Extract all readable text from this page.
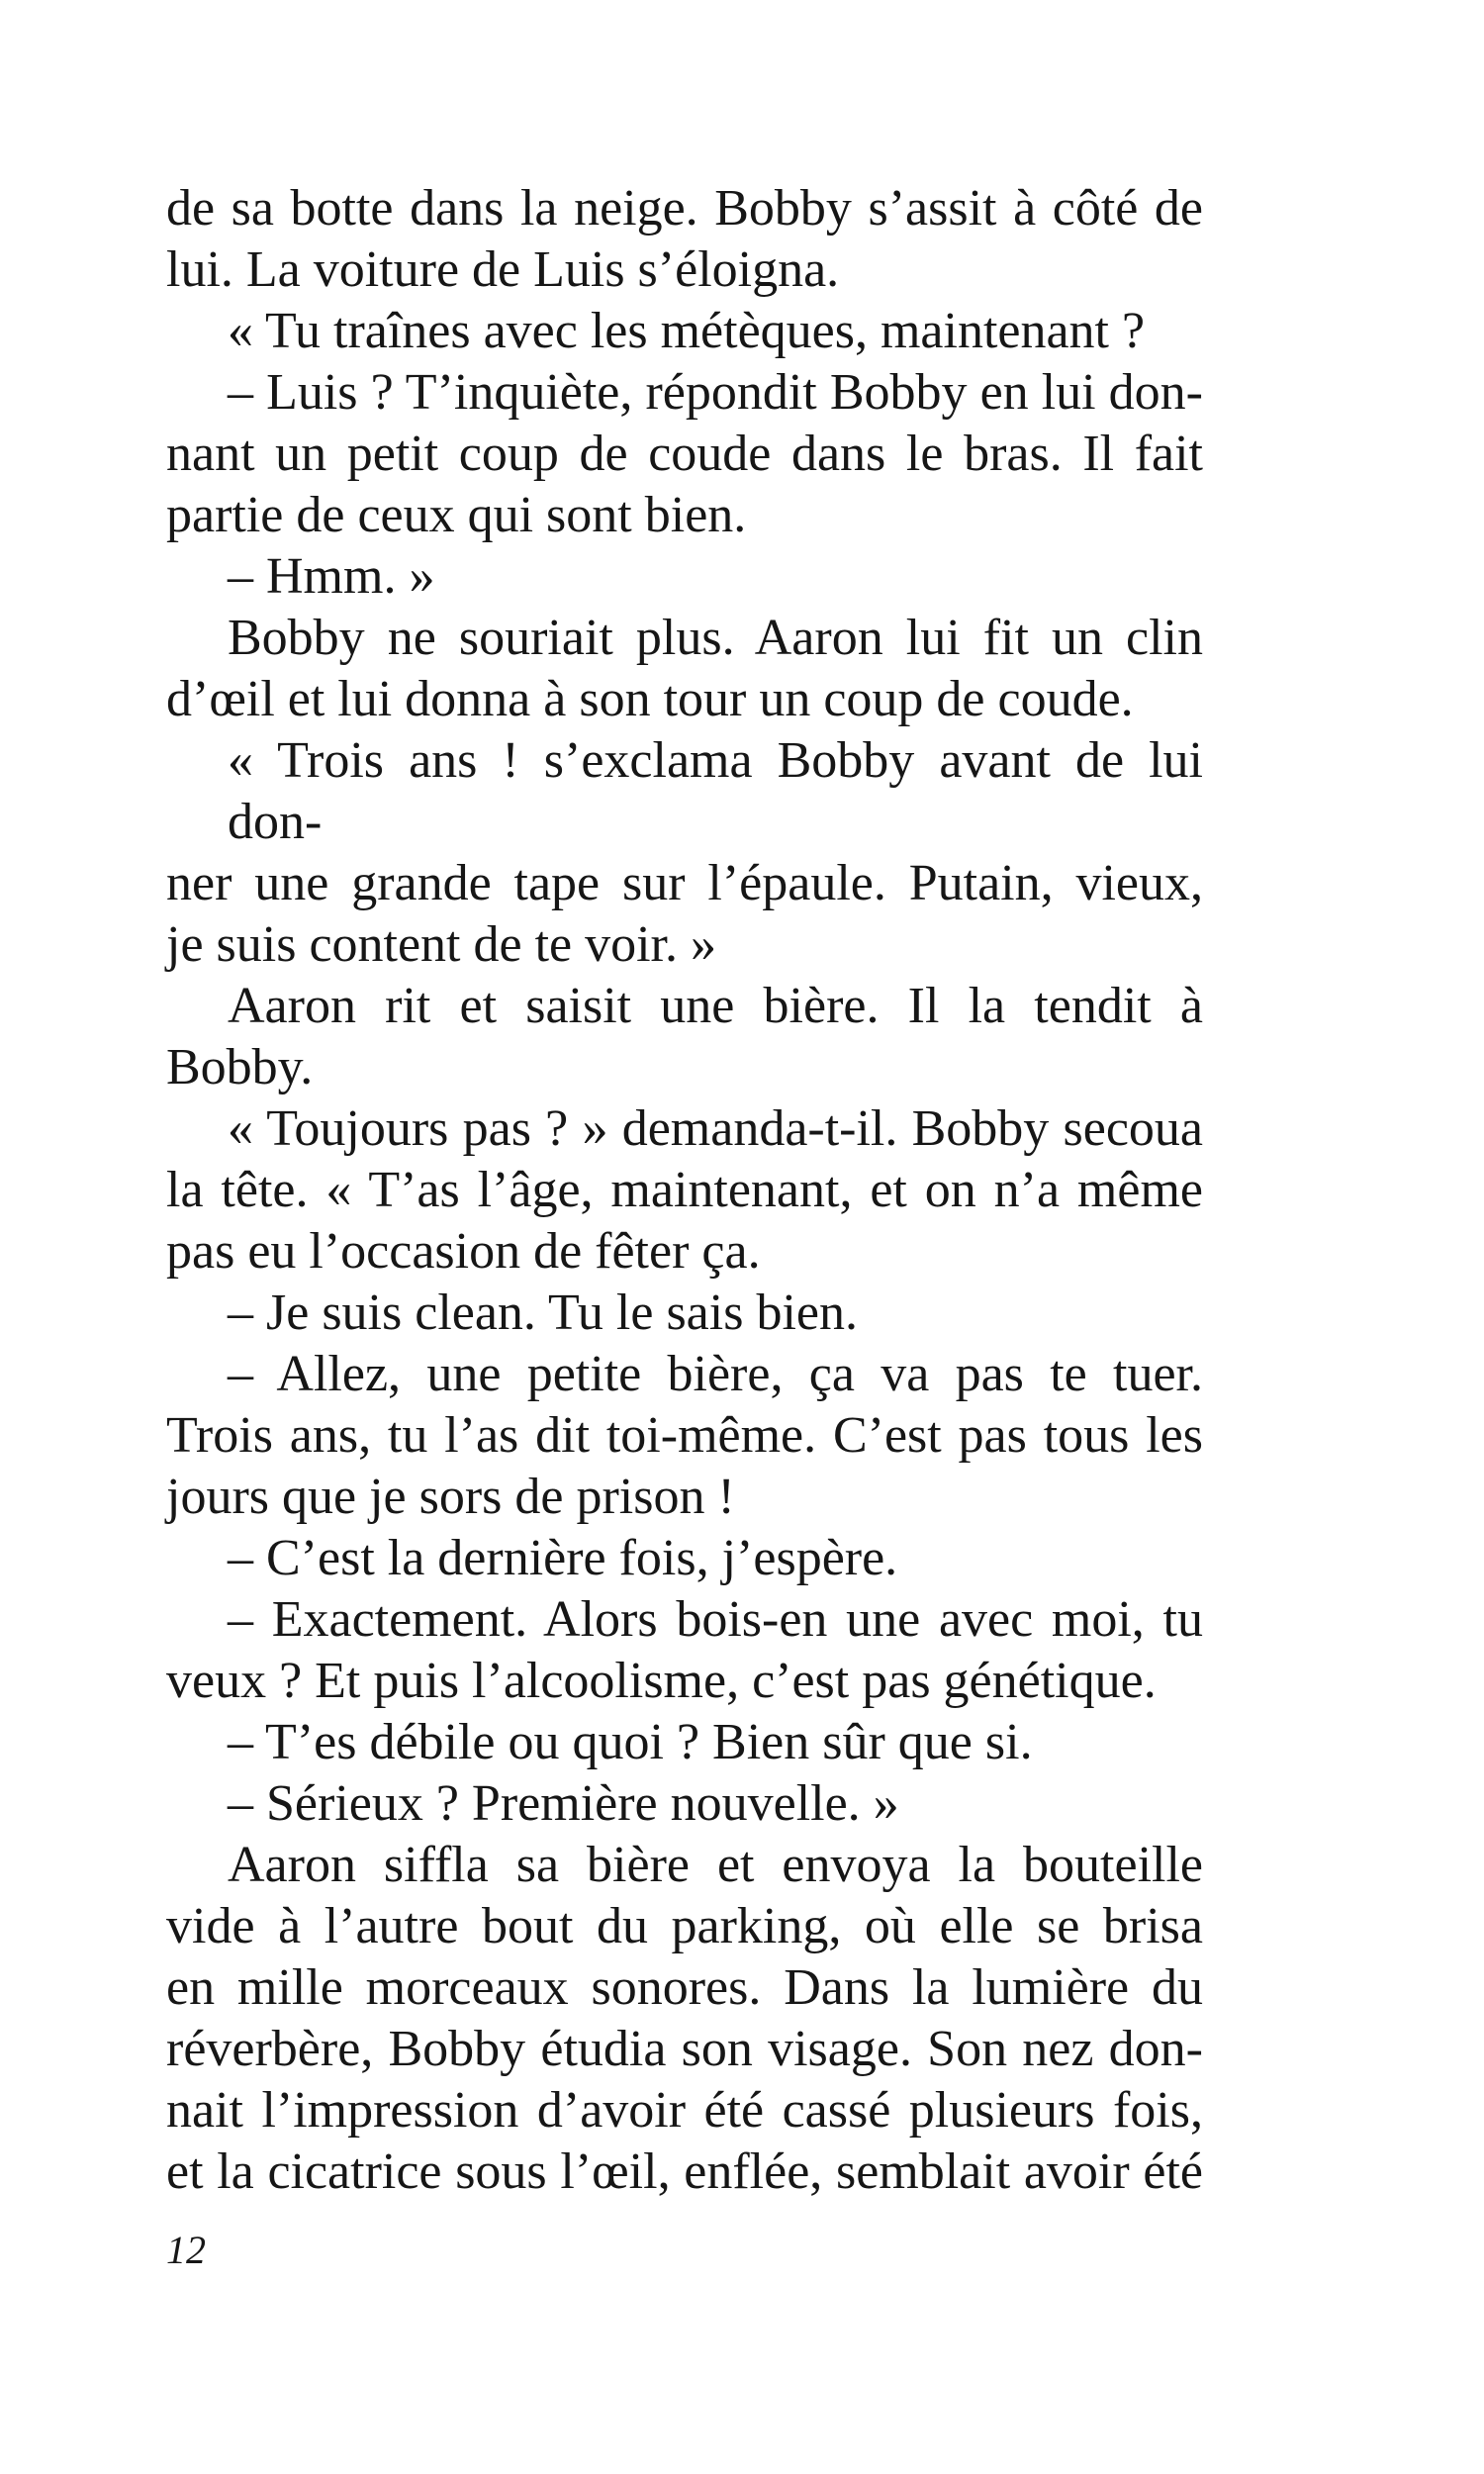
de sa botte dans la neige. Bobby s’assit à côté de
lui. La voiture de Luis s’éloigna.
« Tu traînes avec les métèques, maintenant ?
– Luis ? T’inquiète, répondit Bobby en lui don-
nant un petit coup de coude dans le bras. Il fait
partie de ceux qui sont bien.
– Hmm. »
Bobby ne souriait plus. Aaron lui fit un clin
d’œil et lui donna à son tour un coup de coude.
« Trois ans ! s’exclama Bobby avant de lui don-
ner une grande tape sur l’épaule. Putain, vieux,
je suis content de te voir. »
Aaron rit et saisit une bière. Il la tendit à
Bobby.
« Toujours pas ? » demanda-t-il. Bobby secoua
la tête. « T’as l’âge, maintenant, et on n’a même
pas eu l’occasion de fêter ça.
– Je suis clean. Tu le sais bien.
– Allez, une petite bière, ça va pas te tuer.
Trois ans, tu l’as dit toi-même. C’est pas tous les
jours que je sors de prison !
– C’est la dernière fois, j’espère.
– Exactement. Alors bois-en une avec moi, tu
veux ? Et puis l’alcoolisme, c’est pas génétique.
– T’es débile ou quoi ? Bien sûr que si.
– Sérieux ? Première nouvelle. »
Aaron siffla sa bière et envoya la bouteille
vide à l’autre bout du parking, où elle se brisa
en mille morceaux sonores. Dans la lumière du
réverbère, Bobby étudia son visage. Son nez don-
nait l’impression d’avoir été cassé plusieurs fois,
et la cicatrice sous l’œil, enflée, semblait avoir été
12
